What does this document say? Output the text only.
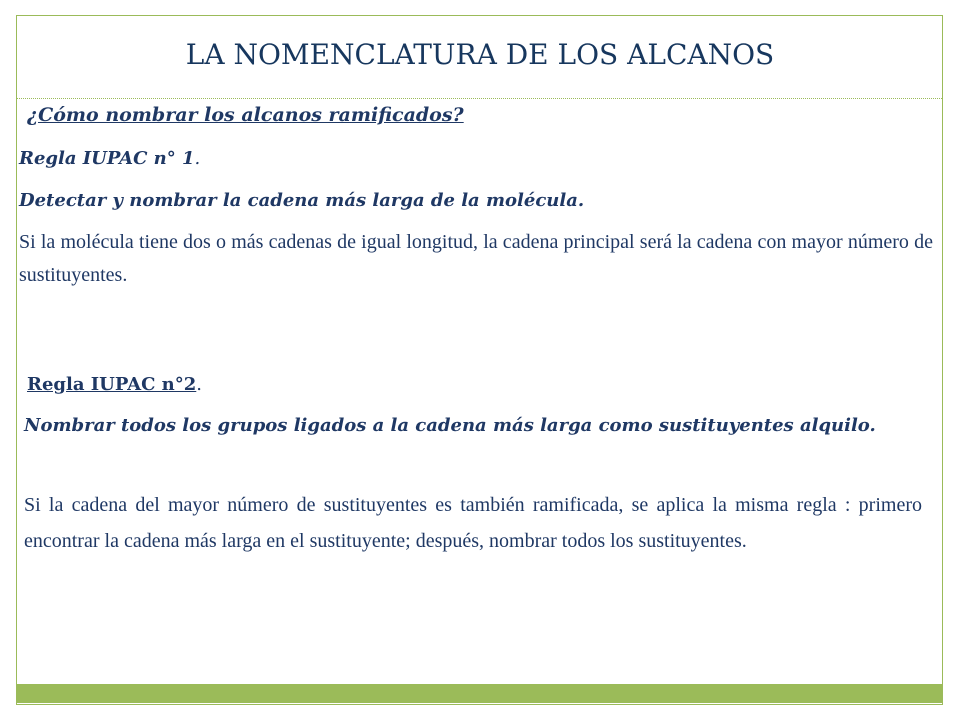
LA NOMENCLATURA DE LOS ALCANOS
¿Cómo nombrar los alcanos ramificados?
Regla IUPAC n° 1.
Detectar y nombrar la cadena más larga de la molécula.
Si la molécula tiene dos o más cadenas de igual longitud, la cadena principal será la cadena con mayor número de sustituyentes.
Regla IUPAC n°2.
Nombrar todos los grupos ligados a la cadena más larga como sustituyentes alquilo.
Si la cadena del mayor número de sustituyentes es también ramificada, se aplica la misma regla : primero encontrar la cadena más larga en el sustituyente; después, nombrar todos los sustituyentes.
